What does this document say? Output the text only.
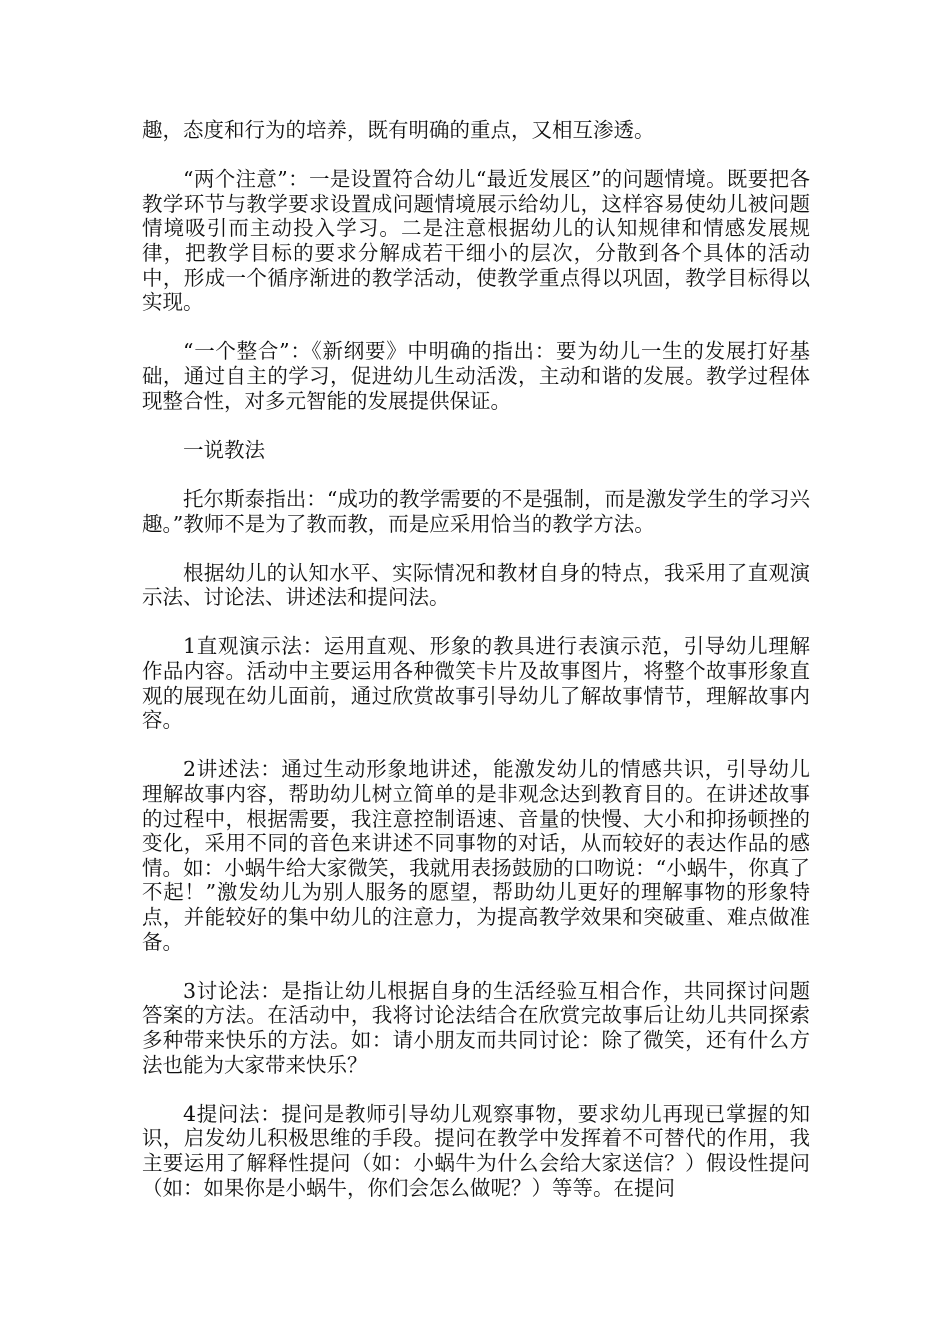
趣，态度和行为的培养，既有明确的重点，又相互渗透。

“两个注意”：一是设置符合幼儿“最近发展区”的问题情境。既要把各教学环节与教学要求设置成问题情境展示给幼儿，这样容易使幼儿被问题情境吸引而主动投入学习。二是注意根据幼儿的认知规律和情感发展规律，把教学目标的要求分解成若干细小的层次，分散到各个具体的活动中，形成一个循序渐进的教学活动，使教学重点得以巩固，教学目标得以实现。

“一个整合”：《新纲要》中明确的指出：要为幼儿一生的发展打好基础，通过自主的学习，促进幼儿生动活泼，主动和谐的发展。教学过程体现整合性，对多元智能的发展提供保证。

一说教法

托尔斯泰指出：“成功的教学需要的不是强制，而是激发学生的学习兴趣。”教师不是为了教而教，而是应采用恰当的教学方法。

根据幼儿的认知水平、实际情况和教材自身的特点，我采用了直观演示法、讨论法、讲述法和提问法。

1直观演示法：运用直观、形象的教具进行表演示范，引导幼儿理解作品内容。活动中主要运用各种微笑卡片及故事图片，将整个故事形象直观的展现在幼儿面前，通过欣赏故事引导幼儿了解故事情节，理解故事内容。

2讲述法：通过生动形象地讲述，能激发幼儿的情感共识，引导幼儿理解故事内容，帮助幼儿树立简单的是非观念达到教育目的。在讲述故事的过程中，根据需要，我注意控制语速、音量的快慢、大小和抑扬顿挫的变化，采用不同的音色来讲述不同事物的对话，从而较好的表达作品的感情。如：小蜗牛给大家微笑，我就用表扬鼓励的口吻说：“小蜗牛，你真了不起！”激发幼儿为别人服务的愿望，帮助幼儿更好的理解事物的形象特点，并能较好的集中幼儿的注意力，为提高教学效果和突破重、难点做准备。

3讨论法：是指让幼儿根据自身的生活经验互相合作，共同探讨问题答案的方法。在活动中，我将讨论法结合在欣赏完故事后让幼儿共同探索多种带来快乐的方法。如：请小朋友而共同讨论：除了微笑，还有什么方法也能为大家带来快乐？

4提问法：提问是教师引导幼儿观察事物，要求幼儿再现已掌握的知识，启发幼儿积极思维的手段。提问在教学中发挥着不可替代的作用，我主要运用了解释性提问（如：小蜗牛为什么会给大家送信？）假设性提问（如：如果你是小蜗牛，你们会怎么做呢？）等等。在提问
